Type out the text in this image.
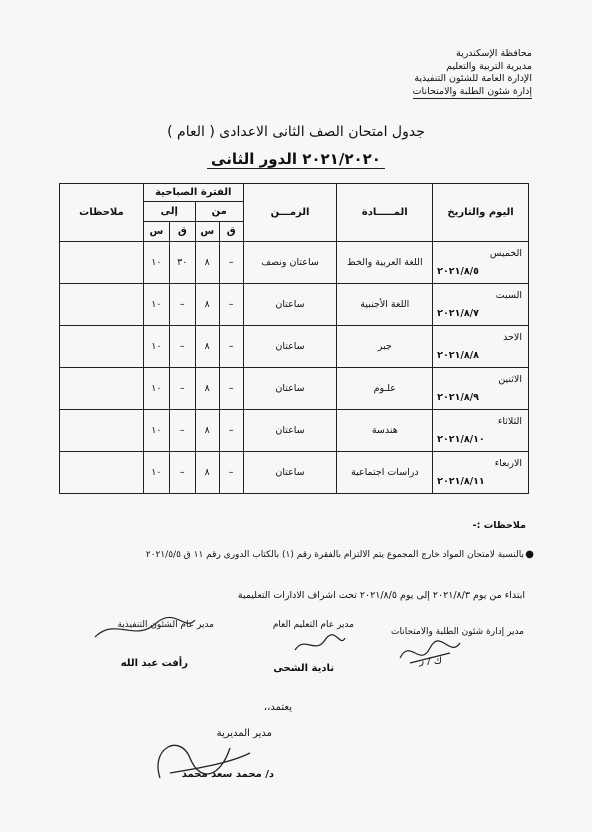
محافظة الإسكندرية
مديرية التربية والتعليم
الإدارة العامة للشئون التنفيذية
إدارة شئون الطلبة والامتحانات
جدول امتحان الصف الثانى الاعدادى ( العام )
٢٠٢١/٢٠٢٠ الدور الثانى
اليوم والتاريخ	المـــــادة	الزمـــن	الفترة الصباحية				ملاحظات
			من		إلى		
			ق	س	ق	س	

الخميس
٢٠٢١/٨/٥	اللغة العربية والخط	ساعتان ونصف	–	٨	٣٠	١٠	

السبت
٢٠٢١/٨/٧	اللغة الأجنبية	ساعتان	–	٨	–	١٠	

الاحد
٢٠٢١/٨/٨	جبر	ساعتان	–	٨	–	١٠	

الاثنين
٢٠٢١/٨/٩	علـوم	ساعتان	–	٨	–	١٠	

الثلاثاء
٢٠٢١/٨/١٠	هندسة	ساعتان	–	٨	–	١٠	

الاربعاء
٢٠٢١/٨/١١	دراسات اجتماعية	ساعتان	–	٨	–	١٠	
ملاحظات :-
●
بالنسبة لامتحان المواد خارج المجموع يتم الالتزام بالفقرة رقم (١) بالكتاب الدورى رقم ١١ ق ٢٠٢١/٥/٥
ابتداء من يوم ٢٠٢١/٨/٣ إلى يوم ٢٠٢١/٨/٥ تحت اشراف الادارات التعليمية
مدير إدارة شئون الطلبة والامتحانات
مدير عام التعليم العام
مدير عام الشئون التنفيذية
ك / ر
نادية الشحى
رأفت عبد الله
يعتمد،،
مدير المديرية
د/ محمد سعد محمد
